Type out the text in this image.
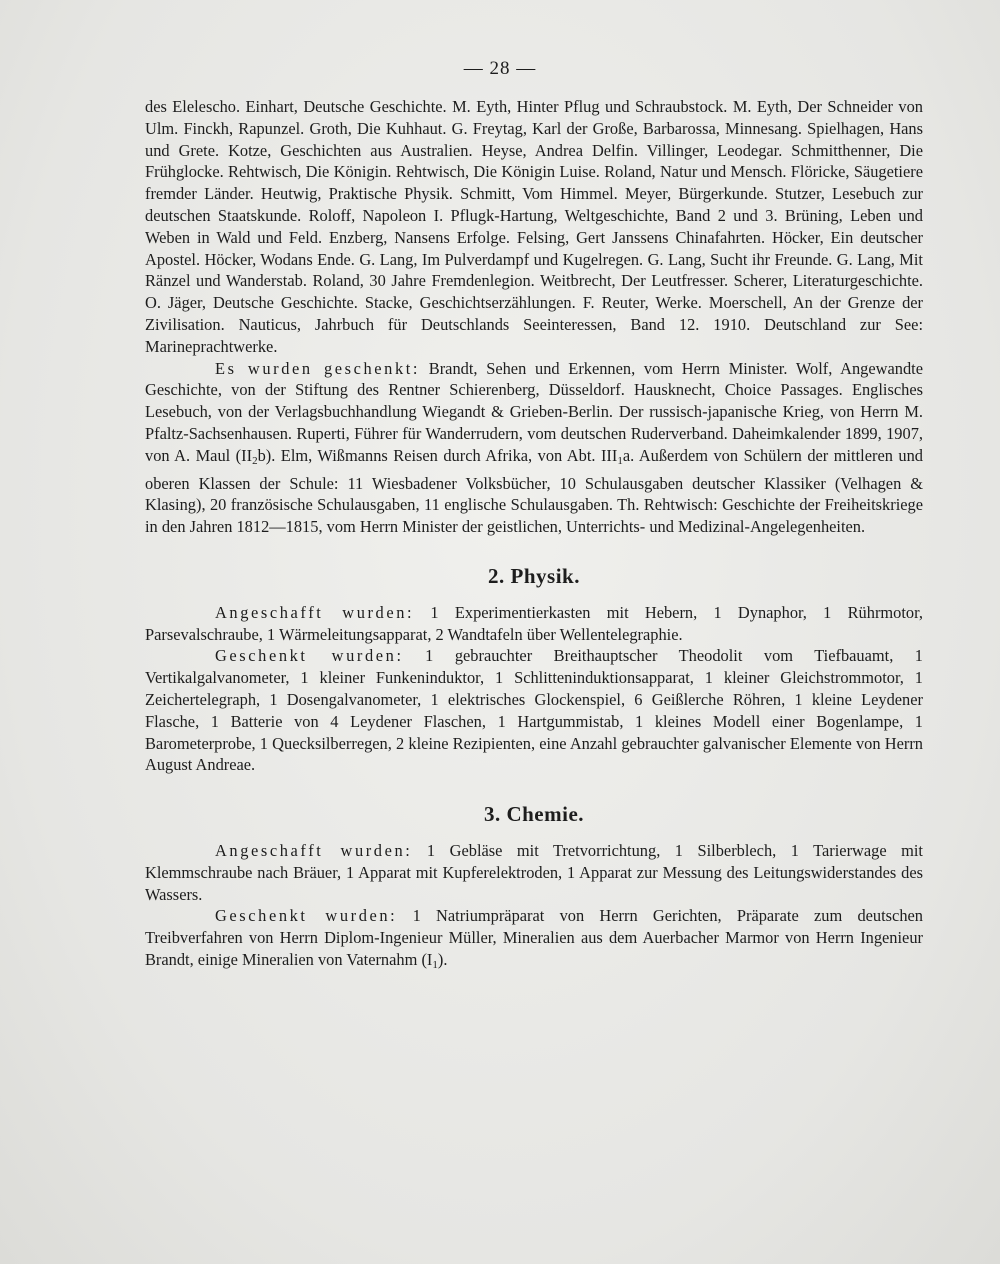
— 28 —

des Elelescho. Einhart, Deutsche Geschichte. M. Eyth, Hinter Pflug und Schraubstock. M. Eyth, Der Schneider von Ulm. Finckh, Rapunzel. Groth, Die Kuhhaut. G. Freytag, Karl der Große, Barbarossa, Minnesang. Spielhagen, Hans und Grete. Kotze, Geschichten aus Australien. Heyse, Andrea Delfin. Villinger, Leodegar. Schmitthenner, Die Frühglocke. Rehtwisch, Die Königin. Rehtwisch, Die Königin Luise. Roland, Natur und Mensch. Flöricke, Säugetiere fremder Länder. Heutwig, Praktische Physik. Schmitt, Vom Himmel. Meyer, Bürgerkunde. Stutzer, Lesebuch zur deutschen Staatskunde. Roloff, Napoleon I. Pflugk-Hartung, Weltgeschichte, Band 2 und 3. Brüning, Leben und Weben in Wald und Feld. Enzberg, Nansens Erfolge. Felsing, Gert Janssens Chinafahrten. Höcker, Ein deutscher Apostel. Höcker, Wodans Ende. G. Lang, Im Pulverdampf und Kugelregen. G. Lang, Sucht ihr Freunde. G. Lang, Mit Ränzel und Wanderstab. Roland, 30 Jahre Fremdenlegion. Weitbrecht, Der Leutfresser. Scherer, Literaturgeschichte. O. Jäger, Deutsche Geschichte. Stacke, Geschichtserzählungen. F. Reuter, Werke. Moerschell, An der Grenze der Zivilisation. Nauticus, Jahrbuch für Deutschlands Seeinteressen, Band 12. 1910. Deutschland zur See: Marineprachtwerke.

Es wurden geschenkt: Brandt, Sehen und Erkennen, vom Herrn Minister. Wolf, Angewandte Geschichte, von der Stiftung des Rentner Schierenberg, Düsseldorf. Hausknecht, Choice Passages. Englisches Lesebuch, von der Verlagsbuchhandlung Wiegandt & Grieben-Berlin. Der russisch-japanische Krieg, von Herrn M. Pfaltz-Sachsenhausen. Ruperti, Führer für Wanderrudern, vom deutschen Ruderverband. Daheimkalender 1899, 1907, von A. Maul $(II_2b)$. Elm, Wißmanns Reisen durch Afrika, von Abt. $III_1a$. Außerdem von Schülern der mittleren und oberen Klassen der Schule: 11 Wiesbadener Volksbücher, 10 Schulausgaben deutscher Klassiker (Velhagen & Klasing), 20 französische Schulausgaben, 11 englische Schulausgaben. Th. Rehtwisch: Geschichte der Freiheitskriege in den Jahren 1812—1815, vom Herrn Minister der geistlichen, Unterrichts- und Medizinal-Angelegenheiten.

2. Physik.

Angeschafft wurden: 1 Experimentierkasten mit Hebern, 1 Dynaphor, 1 Rührmotor, Parsevalschraube, 1 Wärmeleitungsapparat, 2 Wandtafeln über Wellentelegraphie.

Geschenkt wurden: 1 gebrauchter Breithauptscher Theodolit vom Tiefbauamt, 1 Vertikalgalvanometer, 1 kleiner Funkeninduktor, 1 Schlitteninduktionsapparat, 1 kleiner Gleichstrommotor, 1 Zeichertelegraph, 1 Dosengalvanometer, 1 elektrisches Glockenspiel, 6 Geißlerche Röhren, 1 kleine Leydener Flasche, 1 Batterie von 4 Leydener Flaschen, 1 Hartgummistab, 1 kleines Modell einer Bogenlampe, 1 Barometerprobe, 1 Quecksilberregen, 2 kleine Rezipienten, eine Anzahl gebrauchter galvanischer Elemente von Herrn August Andreae.

3. Chemie.

Angeschafft wurden: 1 Gebläse mit Tretvorrichtung, 1 Silberblech, 1 Tarierwage mit Klemmschraube nach Bräuer, 1 Apparat mit Kupferelektroden, 1 Apparat zur Messung des Leitungswiderstandes des Wassers.

Geschenkt wurden: 1 Natriumpräparat von Herrn Gerichten, Präparate zum deutschen Treibverfahren von Herrn Diplom-Ingenieur Müller, Mineralien aus dem Auerbacher Marmor von Herrn Ingenieur Brandt, einige Mineralien von Vaternahm $(I_1)$.
